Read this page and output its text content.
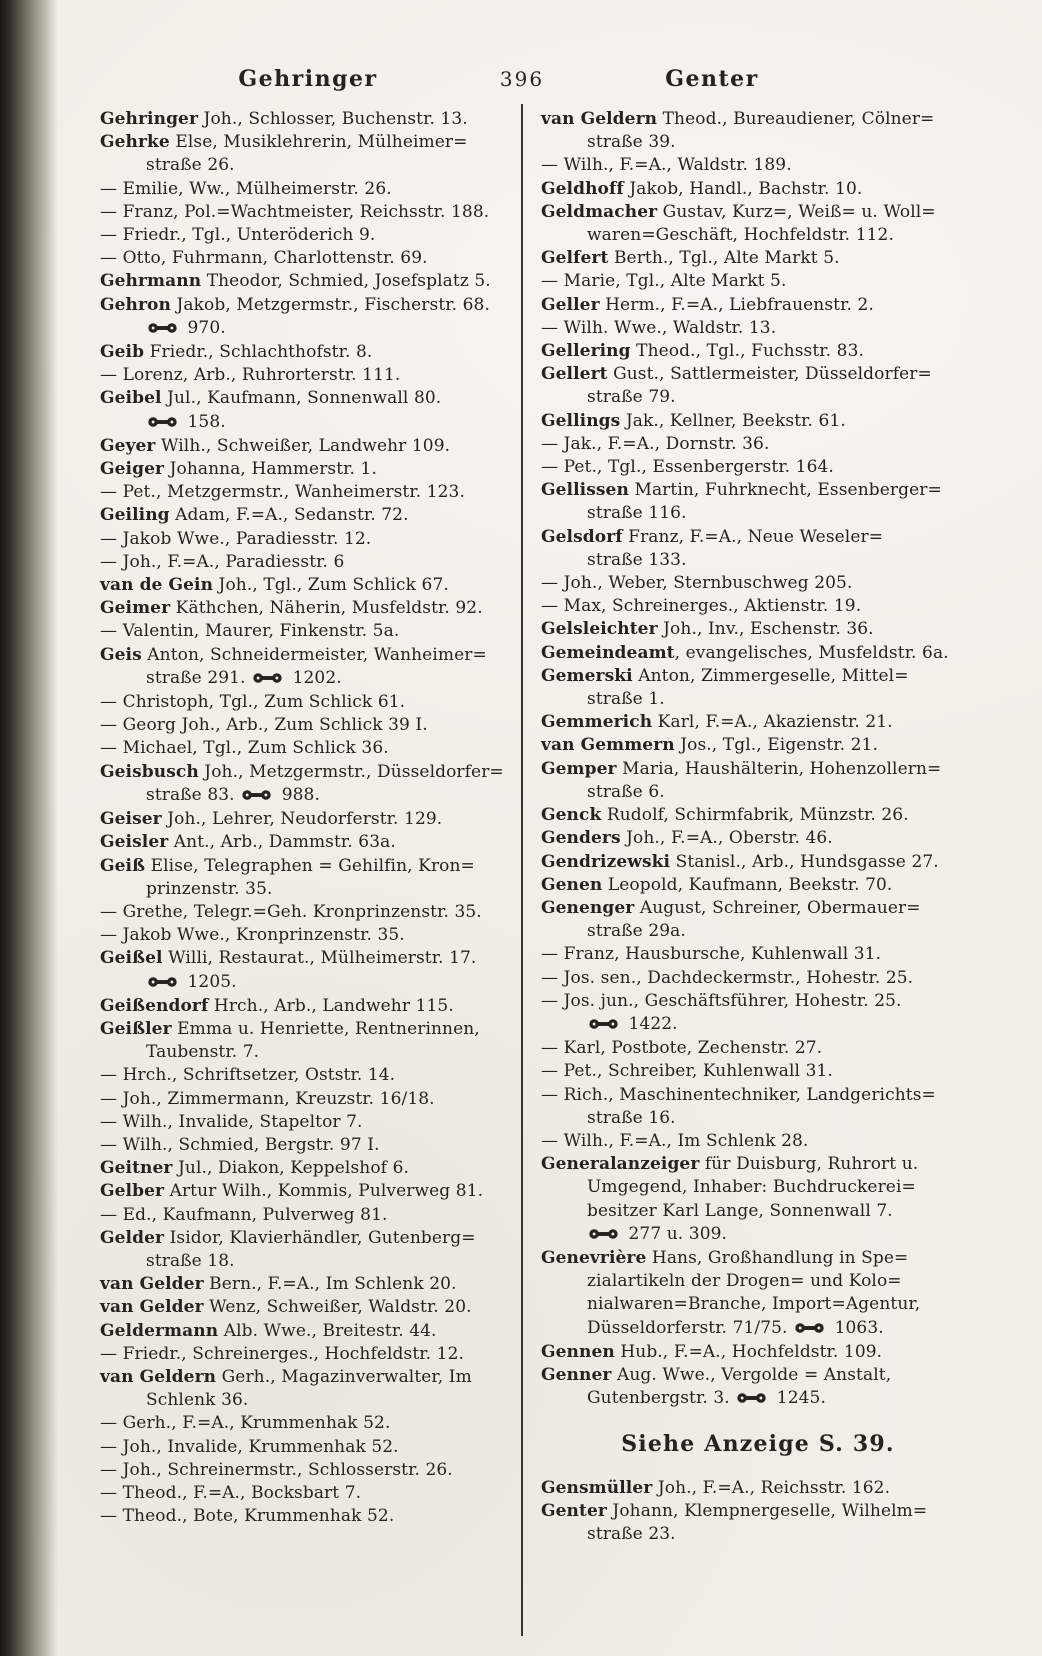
Gehringer	396	Genter
Gehringer Joh., Schlosser, Buchenstr. 13.
Gehrke Else, Musiklehrerin, Mülheimer=
straße 26.
— Emilie, Ww., Mülheimerstr. 26.
— Franz, Pol.=Wachtmeister, Reichsstr. 188.
— Friedr., Tgl., Unteröderich 9.
— Otto, Fuhrmann, Charlottenstr. 69.
Gehrmann Theodor, Schmied, Josefsplatz 5.
Gehron Jakob, Metzgermstr., Fischerstr. 68.
970.
Geib Friedr., Schlachthofstr. 8.
— Lorenz, Arb., Ruhrorterstr. 111.
Geibel Jul., Kaufmann, Sonnenwall 80.
158.
Geyer Wilh., Schweißer, Landwehr 109.
Geiger Johanna, Hammerstr. 1.
— Pet., Metzgermstr., Wanheimerstr. 123.
Geiling Adam, F.=A., Sedanstr. 72.
— Jakob Wwe., Paradiesstr. 12.
— Joh., F.=A., Paradiesstr. 6
van de Gein Joh., Tgl., Zum Schlick 67.
Geimer Käthchen, Näherin, Musfeldstr. 92.
— Valentin, Maurer, Finkenstr. 5a.
Geis Anton, Schneidermeister, Wanheimer=
straße 291.  1202.
— Christoph, Tgl., Zum Schlick 61.
— Georg Joh., Arb., Zum Schlick 39 I.
— Michael, Tgl., Zum Schlick 36.
Geisbusch Joh., Metzgermstr., Düsseldorfer=
straße 83.  988.
Geiser Joh., Lehrer, Neudorferstr. 129.
Geisler Ant., Arb., Dammstr. 63a.
Geiß Elise, Telegraphen = Gehilfin, Kron=
prinzenstr. 35.
— Grethe, Telegr.=Geh. Kronprinzenstr. 35.
— Jakob Wwe., Kronprinzenstr. 35.
Geißel Willi, Restaurat., Mülheimerstr. 17.
1205.
Geißendorf Hrch., Arb., Landwehr 115.
Geißler Emma u. Henriette, Rentnerinnen,
Taubenstr. 7.
— Hrch., Schriftsetzer, Oststr. 14.
— Joh., Zimmermann, Kreuzstr. 16/18.
— Wilh., Invalide, Stapeltor 7.
— Wilh., Schmied, Bergstr. 97 I.
Geitner Jul., Diakon, Keppelshof 6.
Gelber Artur Wilh., Kommis, Pulverweg 81.
— Ed., Kaufmann, Pulverweg 81.
Gelder Isidor, Klavierhändler, Gutenberg=
straße 18.
van Gelder Bern., F.=A., Im Schlenk 20.
van Gelder Wenz, Schweißer, Waldstr. 20.
Geldermann Alb. Wwe., Breitestr. 44.
— Friedr., Schreinerges., Hochfeldstr. 12.
van Geldern Gerh., Magazinverwalter, Im
Schlenk 36.
— Gerh., F.=A., Krummenhak 52.
— Joh., Invalide, Krummenhak 52.
— Joh., Schreinermstr., Schlosserstr. 26.
— Theod., F.=A., Bocksbart 7.
— Theod., Bote, Krummenhak 52.
van Geldern Theod., Bureaudiener, Cölner=
straße 39.
— Wilh., F.=A., Waldstr. 189.
Geldhoff Jakob, Handl., Bachstr. 10.
Geldmacher Gustav, Kurz=, Weiß= u. Woll=
waren=Geschäft, Hochfeldstr. 112.
Gelfert Berth., Tgl., Alte Markt 5.
— Marie, Tgl., Alte Markt 5.
Geller Herm., F.=A., Liebfrauenstr. 2.
— Wilh. Wwe., Waldstr. 13.
Gellering Theod., Tgl., Fuchsstr. 83.
Gellert Gust., Sattlermeister, Düsseldorfer=
straße 79.
Gellings Jak., Kellner, Beekstr. 61.
— Jak., F.=A., Dornstr. 36.
— Pet., Tgl., Essenbergerstr. 164.
Gellissen Martin, Fuhrknecht, Essenberger=
straße 116.
Gelsdorf Franz, F.=A., Neue Weseler=
straße 133.
— Joh., Weber, Sternbuschweg 205.
— Max, Schreinerges., Aktienstr. 19.
Gelsleichter Joh., Inv., Eschenstr. 36.
Gemeindeamt, evangelisches, Musfeldstr. 6a.
Gemerski Anton, Zimmergeselle, Mittel=
straße 1.
Gemmerich Karl, F.=A., Akazienstr. 21.
van Gemmern Jos., Tgl., Eigenstr. 21.
Gemper Maria, Haushälterin, Hohenzollern=
straße 6.
Genck Rudolf, Schirmfabrik, Münzstr. 26.
Genders Joh., F.=A., Oberstr. 46.
Gendrizewski Stanisl., Arb., Hundsgasse 27.
Genen Leopold, Kaufmann, Beekstr. 70.
Genenger August, Schreiner, Obermauer=
straße 29a.
— Franz, Hausbursche, Kuhlenwall 31.
— Jos. sen., Dachdeckermstr., Hohestr. 25.
— Jos. jun., Geschäftsführer, Hohestr. 25.
1422.
— Karl, Postbote, Zechenstr. 27.
— Pet., Schreiber, Kuhlenwall 31.
— Rich., Maschinentechniker, Landgerichts=
straße 16.
— Wilh., F.=A., Im Schlenk 28.
Generalanzeiger für Duisburg, Ruhrort u.
Umgegend, Inhaber: Buchdruckerei=
besitzer Karl Lange, Sonnenwall 7.
277 u. 309.
Genevrière Hans, Großhandlung in Spe=
zialartikeln der Drogen= und Kolo=
nialwaren=Branche, Import=Agentur,
Düsseldorferstr. 71/75.  1063.
Gennen Hub., F.=A., Hochfeldstr. 109.
Genner Aug. Wwe., Vergolde = Anstalt,
Gutenbergstr. 3.  1245.
Siehe Anzeige S. 39.
Gensmüller Joh., F.=A., Reichsstr. 162.
Genter Johann, Klempnergeselle, Wilhelm=
straße 23.
